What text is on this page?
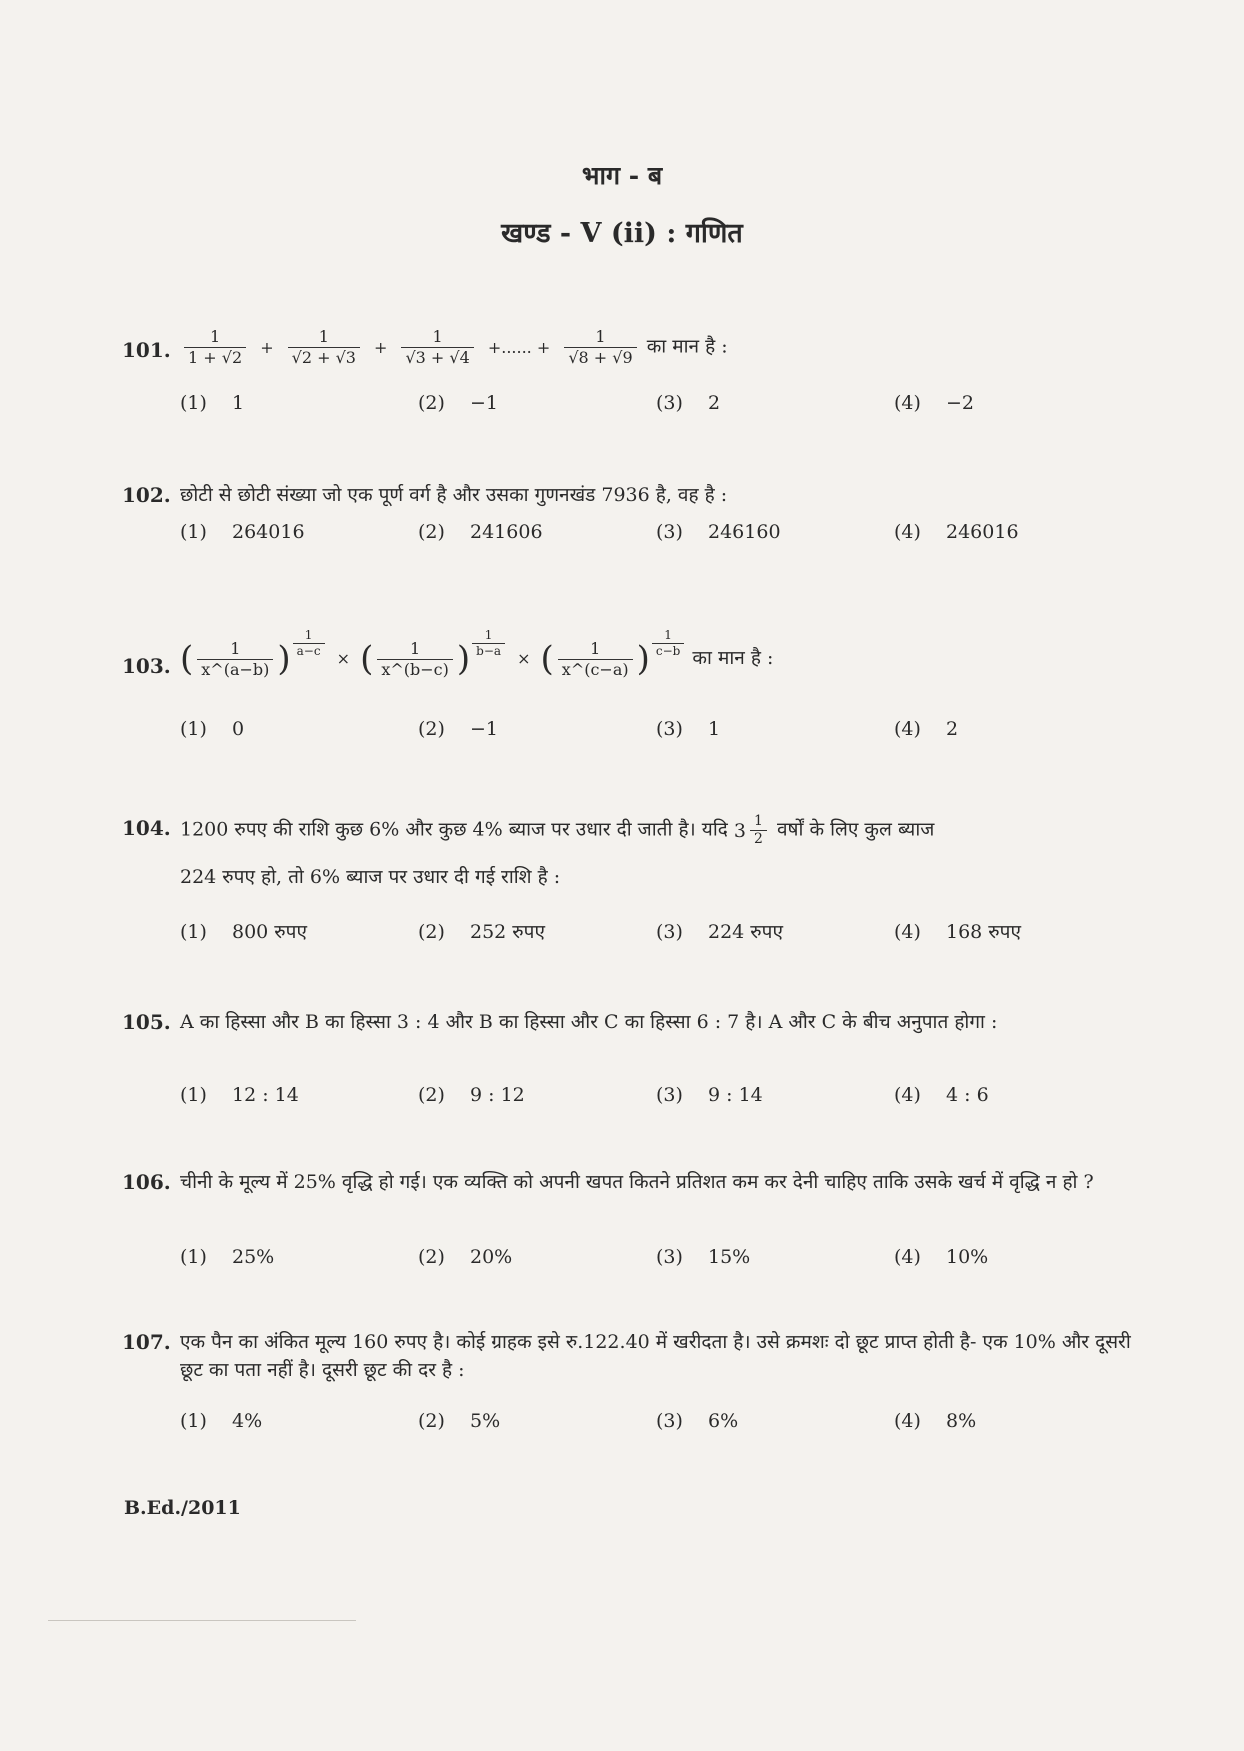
भाग - ब
खण्ड - V (ii) : गणित
101. $\frac{1}{1 + √2} + \frac{1}{√2 + √3} + \frac{1}{√3 + √4}$ +...... + $\frac{1}{√8 + √9}$ का मान है :
(1) 1	(2) −1	(3) 2	(4) −2
102. छोटी से छोटी संख्या जो एक पूर्ण वर्ग है और उसका गुणनखंड 7936 है, वह है :
(1) 264016	(2) 241606	(3) 246160	(4) 246016
103. ( $\frac{1}{x\^{}(a-b)}$ ) $\frac{1}{a-c}$
× ( $\frac{1}{x\^{}(b-c)}$ ) $\frac{1}{b-a}$
× ( $\frac{1}{x\^{}(c-a)}$ ) $\frac{1}{c-b}$ का मान है :
(1) 0	(2) −1	(3) 1	(4) 2
104. 1200 रुपए की राशि कुछ 6% और कुछ 4% ब्याज पर उधार दी जाती है। यदि $3 \frac{1}{2}$ वर्षों के लिए कुल ब्याज
224 रुपए हो, तो 6% ब्याज पर उधार दी गई राशि है :
(1) 800 रुपए	(2) 252 रुपए	(3) 224 रुपए	(4) 168 रुपए
105. A का हिस्सा और B का हिस्सा 3 : 4 और B का हिस्सा और C का हिस्सा 6 : 7 है। A और C के बीच अनुपात होगा :
(1) 12 : 14	(2) 9 : 12	(3) 9 : 14	(4) 4 : 6
106. चीनी के मूल्य में 25% वृद्धि हो गई। एक व्यक्ति को अपनी खपत कितने प्रतिशत कम कर देनी चाहिए ताकि उसके खर्च में वृद्धि न हो ?
(1) 25%	(2) 20%	(3) 15%	(4) 10%
107. एक पैन का अंकित मूल्य 160 रुपए है। कोई ग्राहक इसे रु.122.40 में खरीदता है। उसे क्रमशः दो छूट प्राप्त होती है- एक 10% और दूसरी छूट का पता नहीं है। दूसरी छूट की दर है :
(1) 4%	(2) 5%	(3) 6%	(4) 8%
B.Ed./2011
